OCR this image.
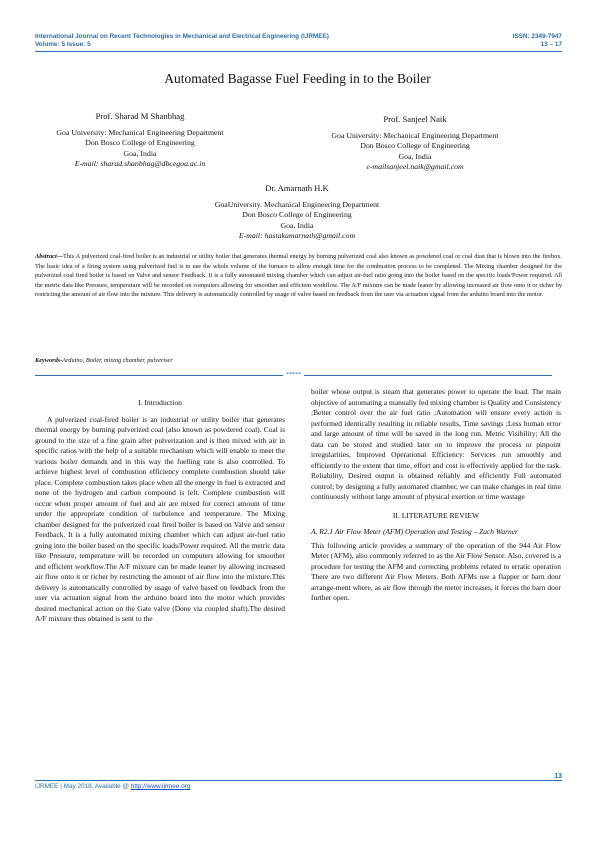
International Journal on Recent Technologies in Mechanical and Electrical Engineering (IJRMEE)	ISSN: 2349-7947
Volume: 5 Issue: 5	13 – 17
Automated Bagasse Fuel Feeding in to the Boiler
Prof. Sharad M Shanbhag
Goa University: Mechanical Engineering Department
Don Bosco College of Engineering
Goa, India
E-mail: sharad.shanbhag@dbcegoa.ac.in
Prof. Sanjeel Naik
Goa University: Mechanical Engineering Department
Don Bosco College of Engineering
Goa, India
e-mailsanjeel.naik@gmail.com
Dr. Amarnath H.K
GoaUniversity. Mechanical Engineering Department
Don Bosco College of Engineering
Goa, India
E-mail: hastakamarnath@gmail.com
Abstract—This A pulverized coal-fired boiler is an industrial or utility boiler that generates thermal energy by burning pulverized coal also known as powdered coal or coal dust that is blown into the firebox. The basic idea of a firing system using pulverized fuel is to use the whole volume of the furnace to allow enough time for the combustion process to be completed. The Mixing chamber designed for the pulverized coal fired boiler is based on Valve and sensor Feedback. It is a fully automated mixing chamber which can adjust air-fuel ratio going into the boiler based on the specific loads/Power required. All the metric data like Pressure, temperature will be recorded on computers allowing for smoother and efficient workflow. The A/F mixture can be made leaner by allowing increased air flow onto it or richer by restricting the amount of air flow into the mixture. This delivery is automatically controlled by usage of valve based on feedback from the user via actuation signal from the arduino board into the motor.
Keywords-Arduino, Boiler, mixing chamber, pulveriser
*****
I. Introduction

A pulverized coal-fired boiler is an industrial or utility boiler that generates thermal energy by burning pulverized coal (also known as powdered coal). Coal is ground to the size of a fine grain after pulverization and is then mixed with air in specific ratios with the help of a suitable mechanism which will enable to meet the various boiler demands and in this way the fuelling rate is also controlled. To achieve highest level of combustion efficiency complete combustion should take place. Complete combustion takes place when all the energy in fuel is extracted and none of the hydrogen and carbon compound is left. Complete combustion will occur when proper amount of fuel and air are mixed for correct amount of time under the appropriate condition of turbulence and temperature. The Mixing chamber designed for the pulverized coal fired boiler is based on Valve and sensor Feedback. It is a fully automated mixing chamber which can adjust air-fuel ratio going into the boiler based on the specific loads/Power required. All the metric data like Pressure, temperature will be recorded on computers allowing for smoother and efficient workflow.The A/F mixture can be made leaner by allowing increased air flow onto it or richer by restricting the amount of air flow into the mixture.This delivery is automatically controlled by usage of valve based on feedback from the user via actuation signal from the arduino board into the motor which provides desired mechanical action on the Gate valve (Done via coupled shaft).The desired A/F mixture thus obtained is sent to the

boiler whose output is steam that generates power to operate the load. The main objective of automating a manually fed mixing chamber is Quality and Consistency ;Better control over the air fuel ratio ;Automation will ensure every action is performed identically resulting in reliable results, Time savings ;Less human error and large amount of time will be saved in the long run. Metric Visibility; All the data can be stored and studied later on to improve the process or pinpoint irregularities, Improved Operational Efficiency: Services run smoothly and efficiently to the extent that time, effort and cost is effectively applied for the task. Reliability, Desired output is obtained reliably and efficiently Full automated control; by designing a fully automated chamber, we can make changes in real time continuously without large amount of physical exertion or time wastage

II. LITERATURE REVIEW
A. R2.1 Air Flow Meter (AFM) Operation and Testing – Zach Warner

This following article provides a summary of the operation of the 944 Air Flow Meter (AFM), also commonly referred to as the Air Flow Sensor. Also, covered is a procedure for testing the AFM and correcting problems related to erratic operation There are two different Air Flow Meters. Both AFMs use a flapper or barn door arrange-ment where, as air flow through the meter increases, it forces the barn door further open.

13
IJRMEE | May 2018, Available @ http://www.ijrmee.org
